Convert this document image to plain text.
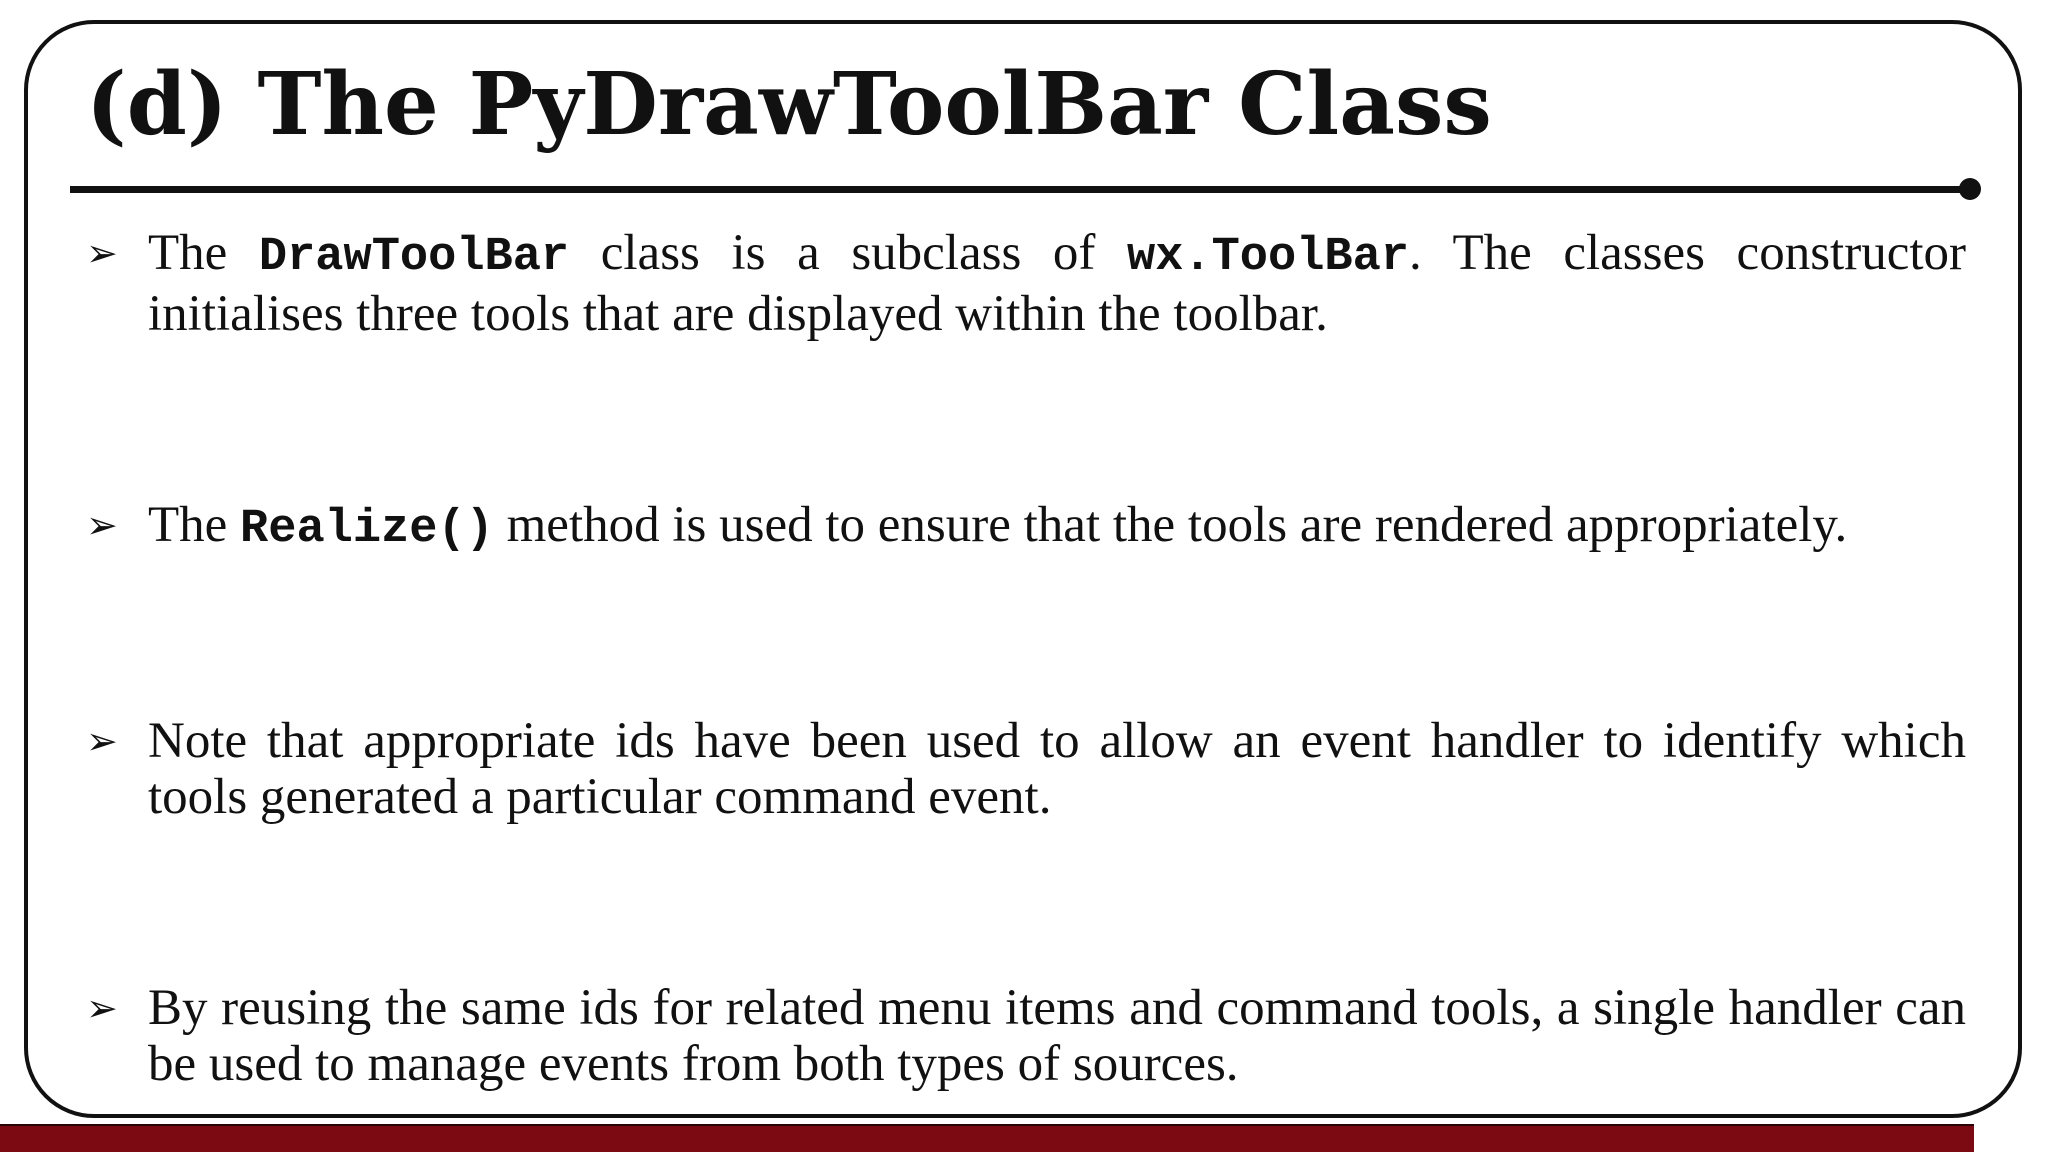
(d) The PyDrawToolBar Class
➢ The DrawToolBar class is a subclass of wx.ToolBar. The classes constructor initialises three tools that are displayed within the toolbar.
➢ The Realize() method is used to ensure that the tools are rendered appropriately.
➢ Note that appropriate ids have been used to allow an event handler to identify which tools generated a particular command event.
➢ By reusing the same ids for related menu items and command tools, a single handler can be used to manage events from both types of sources.
